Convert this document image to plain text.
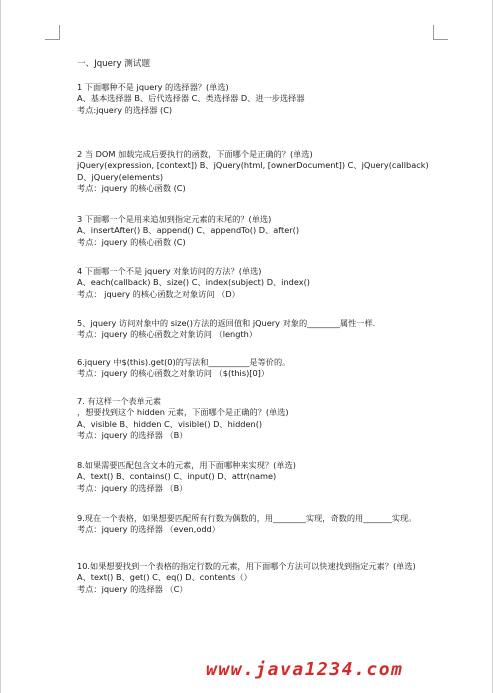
一、Jquery 测试题
1 下面哪种不是 jquery 的选择器？(单选)
A、基本选择器 B、后代选择器 C、类选择器 D、进一步选择器
考点:jquery 的选择器 (C)
2 当 DOM 加载完成后要执行的函数，下面哪个是正确的？(单选)
jQuery(expression, [context]) B、jQuery(html, [ownerDocument]) C、jQuery(callback) D、jQuery(elements)
考点：jquery 的核心函数 (C)
3 下面哪一个是用来追加到指定元素的末尾的？(单选)
A、insertAfter() B、append() C、appendTo() D、after()
考点：jquery 的核心函数 (C)
4 下面哪一个不是 jquery 对象访问的方法？(单选)
A、each(callback) B、size() C、index(subject) D、index()
考点： jquery 的核心函数之对象访问 （D）
5、jquery 访问对象中的 size()方法的返回值和 jQuery 对象的________属性一样.
考点：jquery 的核心函数之对象访问 （length）
6.jquery 中$(this).get(0)的写法和__________是等价的。
考点：jquery 的核心函数之对象访问 （$(this)[0]）
7. 有这样一个表单元素
，想要找到这个 hidden 元素，下面哪个是正确的？(单选)
A、visible B、hidden C、visible() D、hidden()
考点：jquery 的选择器 （B）
8.如果需要匹配包含文本的元素，用下面哪种来实现？(单选)
A、text() B、contains() C、input() D、attr(name)
考点：jquery 的选择器 （B）
9.现在一个表格，如果想要匹配所有行数为偶数的，用________实现，奇数的用_______实现。
考点：jquery 的选择器 （even,odd）
10.如果想要找到一个表格的指定行数的元素，用下面哪个方法可以快速找到指定元素？(单选)
A、text() B、get() C、eq() D、contents（）
考点：jquery 的选择器 （C）
www.java1234.com
